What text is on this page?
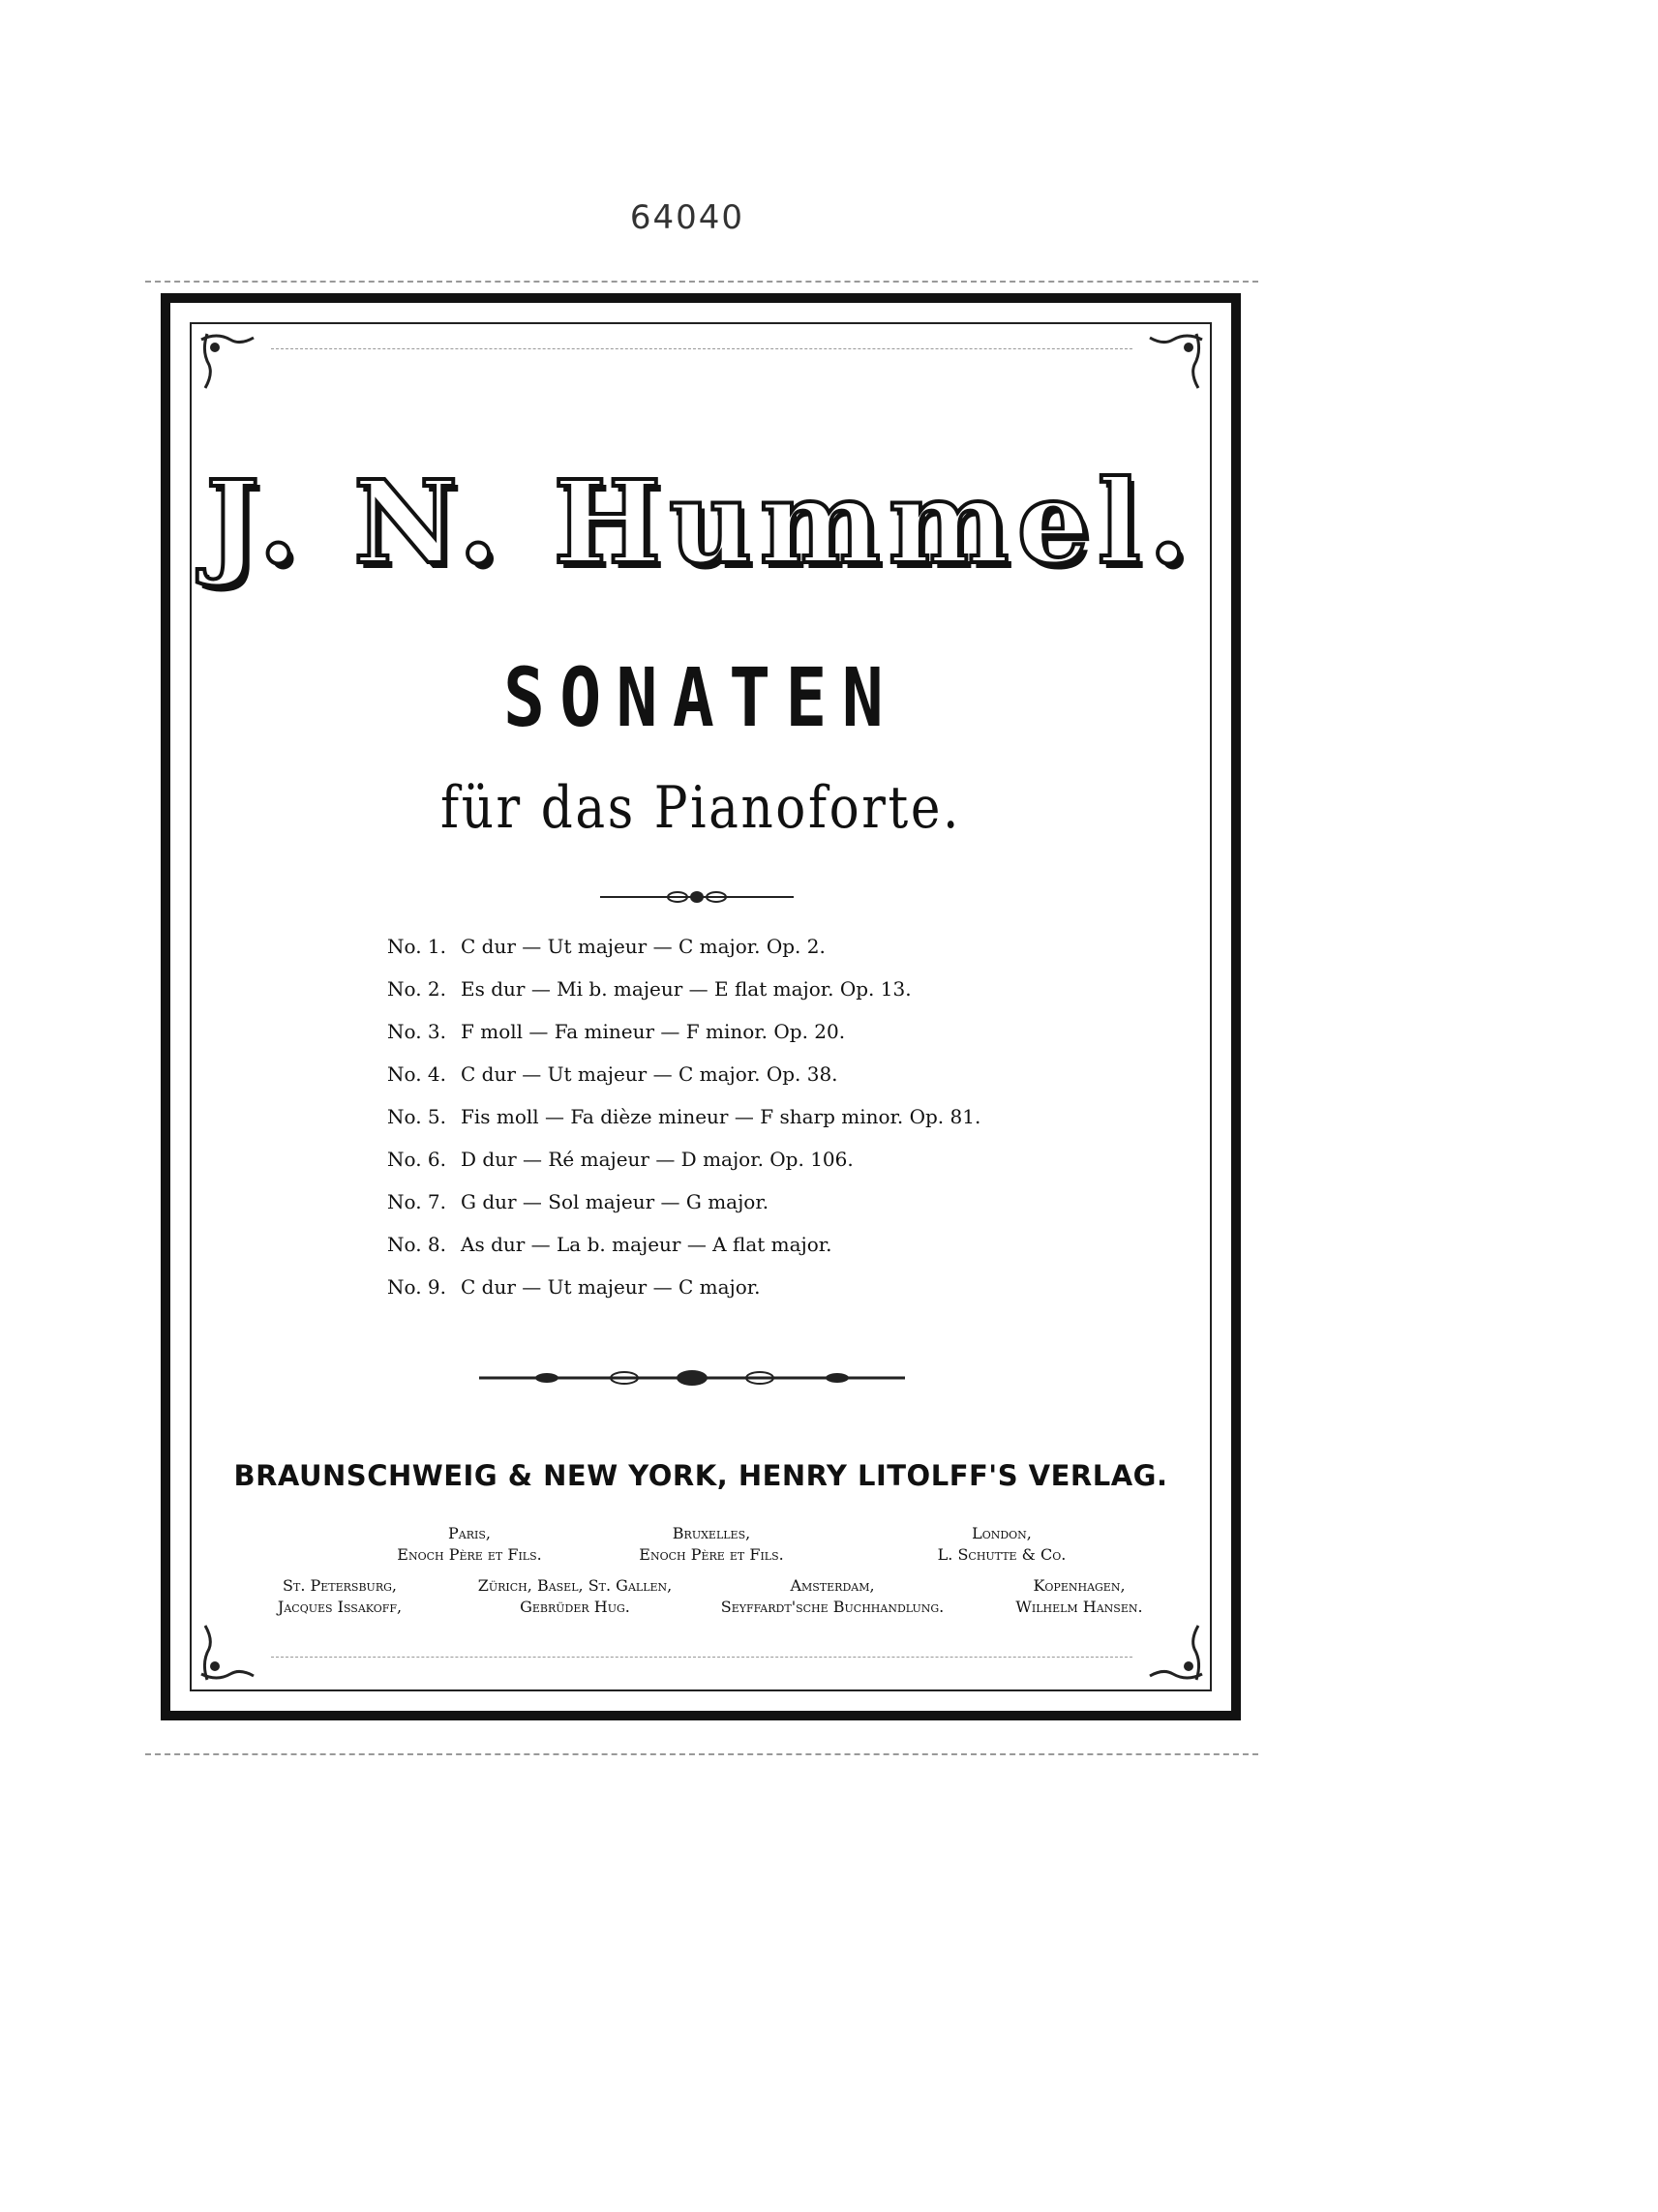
64040
J. N. Hummel.
SONATEN
für das Pianoforte.
No. 1. C dur — Ut majeur — C major. Op. 2.
No. 2. Es dur — Mi b. majeur — E flat major. Op. 13.
No. 3. F moll — Fa mineur — F minor. Op. 20.
No. 4. C dur — Ut majeur — C major. Op. 38.
No. 5. Fis moll — Fa dièze mineur — F sharp minor. Op. 81.
No. 6. D dur — Ré majeur — D major. Op. 106.
No. 7. G dur — Sol majeur — G major.
No. 8. As dur — La b. majeur — A flat major.
No. 9. C dur — Ut majeur — C major.
BRAUNSCHWEIG & NEW YORK, HENRY LITOLFF'S VERLAG.
Paris,
Enoch Père et Fils.
Bruxelles,
Enoch Père et Fils.
London,
L. Schutte & Co.
St. Petersburg,
Jacques Issakoff,
Zürich, Basel, St. Gallen,
Gebrüder Hug.
Amsterdam,
Seyffardt'sche Buchhandlung.
Kopenhagen,
Wilhelm Hansen.
